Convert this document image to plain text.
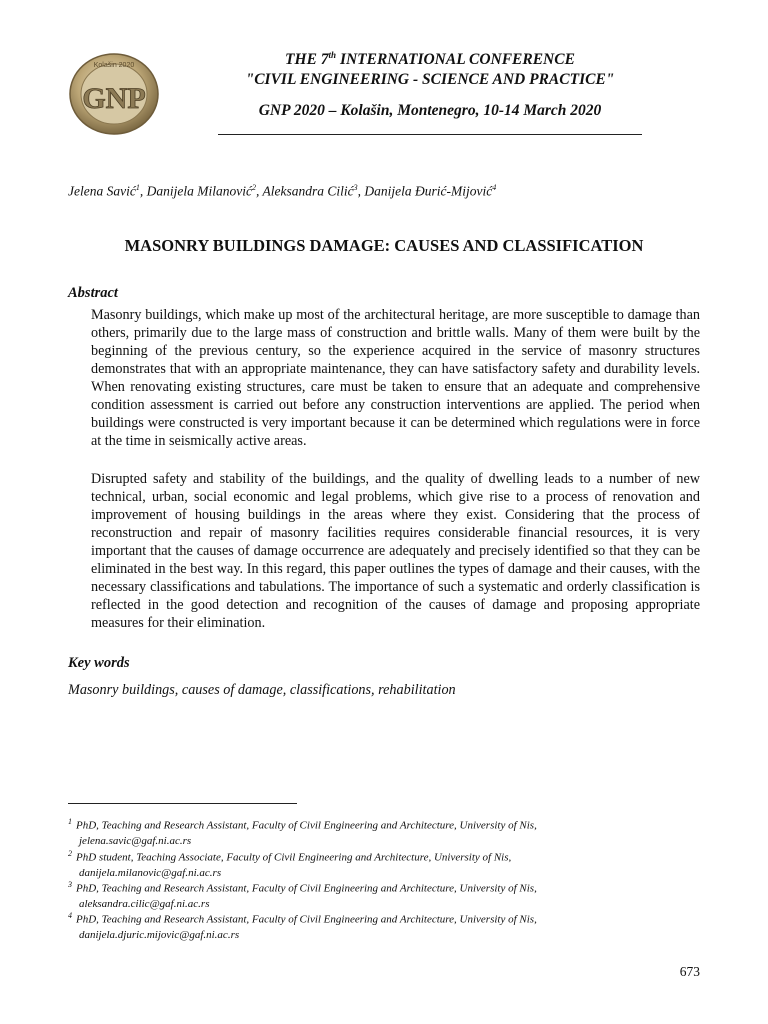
Kolašin 2020
GNP
THE 7th INTERNATIONAL CONFERENCE
"CIVIL ENGINEERING - SCIENCE AND PRACTICE"
GNP 2020 – Kolašin, Montenegro, 10-14 March 2020
Jelena Savić$^1$, Danijela Milanović$^2$, Aleksandra Cilić$^3$, Danijela Đurić-Mijović$^4$
MASONRY BUILDINGS DAMAGE: CAUSES AND CLASSIFICATION
Abstract

Masonry buildings, which make up most of the architectural heritage, are more susceptible to damage than others, primarily due to the large mass of construction and brittle walls. Many of them were built by the beginning of the previous century, so the experience acquired in the service of masonry structures demonstrates that with an appropriate maintenance, they can have satisfactory safety and durability levels. When renovating existing structures, care must be taken to ensure that an adequate and comprehensive condition assessment is carried out before any construction interventions are applied. The period when buildings were constructed is very important because it can be determined which regulations were in force at the time in seismically active areas.

Disrupted safety and stability of the buildings, and the quality of dwelling leads to a number of new technical, urban, social economic and legal problems, which give rise to a process of renovation and improvement of housing buildings in the areas where they exist. Considering that the process of reconstruction and repair of masonry facilities requires considerable financial resources, it is very important that the causes of damage occurrence are adequately and precisely identified so that they can be eliminated in the best way. In this regard, this paper outlines the types of damage and their causes, with the necessary classifications and tabulations. The importance of such a systematic and orderly classification is reflected in the good detection and recognition of the causes of damage and proposing appropriate measures for their elimination.

Key words
Masonry buildings, causes of damage, classifications, rehabilitation
$^1$ PhD, Teaching and Research Assistant, Faculty of Civil Engineering and Architecture, University of Nis,
jelena.savic@gaf.ni.ac.rs
$^2$ PhD student, Teaching Associate, Faculty of Civil Engineering and Architecture, University of Nis,
danijela.milanovic@gaf.ni.ac.rs
$^3$ PhD, Teaching and Research Assistant, Faculty of Civil Engineering and Architecture, University of Nis,
aleksandra.cilic@gaf.ni.ac.rs
$^4$ PhD, Teaching and Research Assistant, Faculty of Civil Engineering and Architecture, University of Nis,
danijela.djuric.mijovic@gaf.ni.ac.rs
673
